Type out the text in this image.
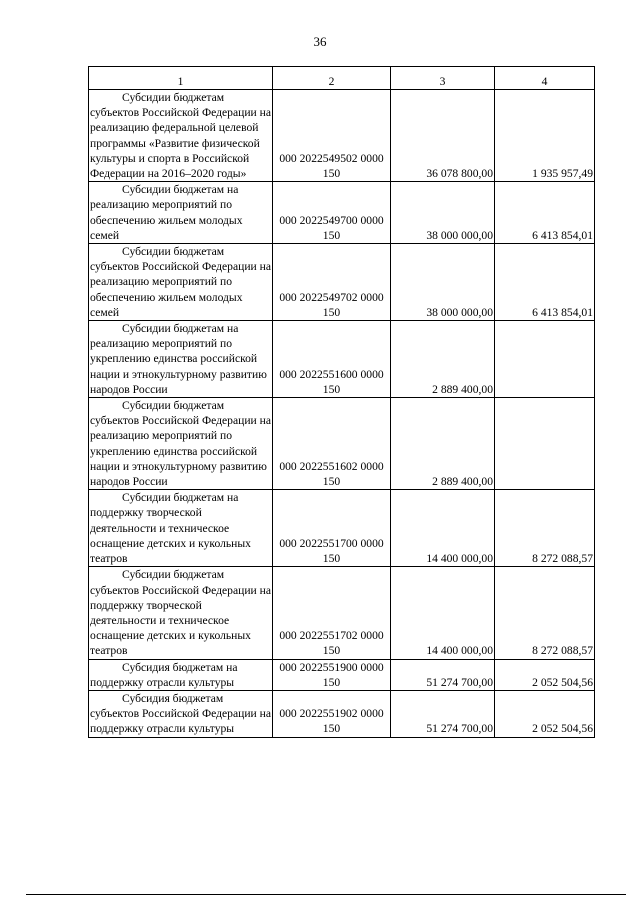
36
1	2	3	4
Субсидии бюджетам субъектов Российской Федерации на реализацию федеральной целевой программы «Развитие физической культуры и спорта в Российской Федерации на 2016–2020 годы»	000 2022549502 0000 150	36 078 800,00	1 935 957,49
Субсидии бюджетам на реализацию мероприятий по обеспечению жильем молодых семей	000 2022549700 0000 150	38 000 000,00	6 413 854,01
Субсидии бюджетам субъектов Российской Федерации на реализацию мероприятий по обеспечению жильем молодых семей	000 2022549702 0000 150	38 000 000,00	6 413 854,01
Субсидии бюджетам на реализацию мероприятий по укреплению единства российской нации и этнокультурному развитию народов России	000 2022551600 0000 150	2 889 400,00	
Субсидии бюджетам субъектов Российской Федерации на реализацию мероприятий по укреплению единства российской нации и этнокультурному развитию народов России	000 2022551602 0000 150	2 889 400,00	
Субсидии бюджетам на поддержку творческой деятельности и техническое оснащение детских и кукольных театров	000 2022551700 0000 150	14 400 000,00	8 272 088,57
Субсидии бюджетам субъектов Российской Федерации на поддержку творческой деятельности и техническое оснащение детских и кукольных театров	000 2022551702 0000 150	14 400 000,00	8 272 088,57
Субсидия бюджетам на поддержку отрасли культуры	000 2022551900 0000 150	51 274 700,00	2 052 504,56
Субсидия бюджетам субъектов Российской Федерации на поддержку отрасли культуры	000 2022551902 0000 150	51 274 700,00	2 052 504,56
